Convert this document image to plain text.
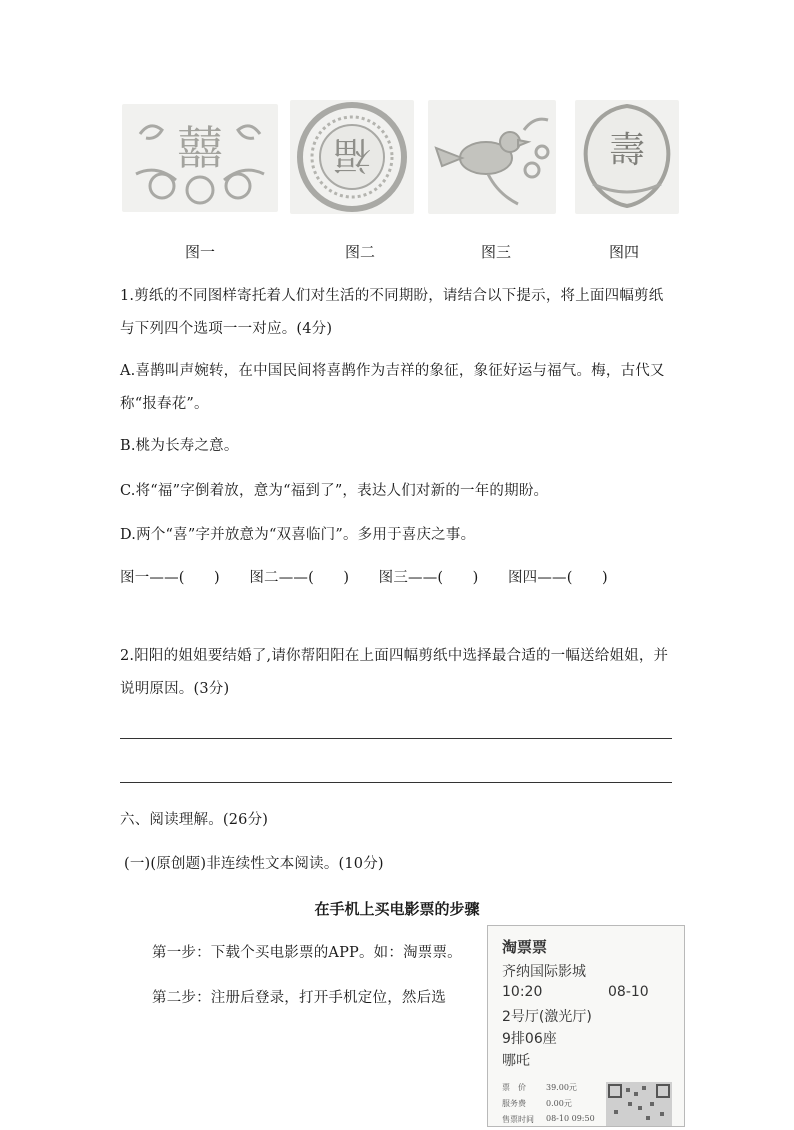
囍	福	壽
图一	图二	图三	图四
1.剪纸的不同图样寄托着人们对生活的不同期盼，请结合以下提示，将上面四幅剪纸与下列四个选项一一对应。(4分)
A.喜鹊叫声婉转，在中国民间将喜鹊作为吉祥的象征，象征好运与福气。梅，古代又称“报春花”。
B.桃为长寿之意。
C.将“福”字倒着放，意为“福到了”，表达人们对新的一年的期盼。
D.两个“喜”字并放意为“双喜临门”。多用于喜庆之事。
图一——(　　)　　图二——(　　)　　图三——(　　)　　图四——(　　)
2.阳阳的姐姐要结婚了,请你帮阳阳在上面四幅剪纸中选择最合适的一幅送给姐姐，并说明原因。(3分)
六、阅读理解。(26分)
(一)(原创题)非连续性文本阅读。(10分)
在手机上买电影票的步骤
第一步：下载个买电影票的APP。如：淘票票。
第二步：注册后登录，打开手机定位，然后选
淘票票
齐纳国际影城
10:20	08-10
2号厅(激光厅)
9排06座
哪吒
票　价	39.00元
服务费	0.00元
售票时间 08-10 09:50
